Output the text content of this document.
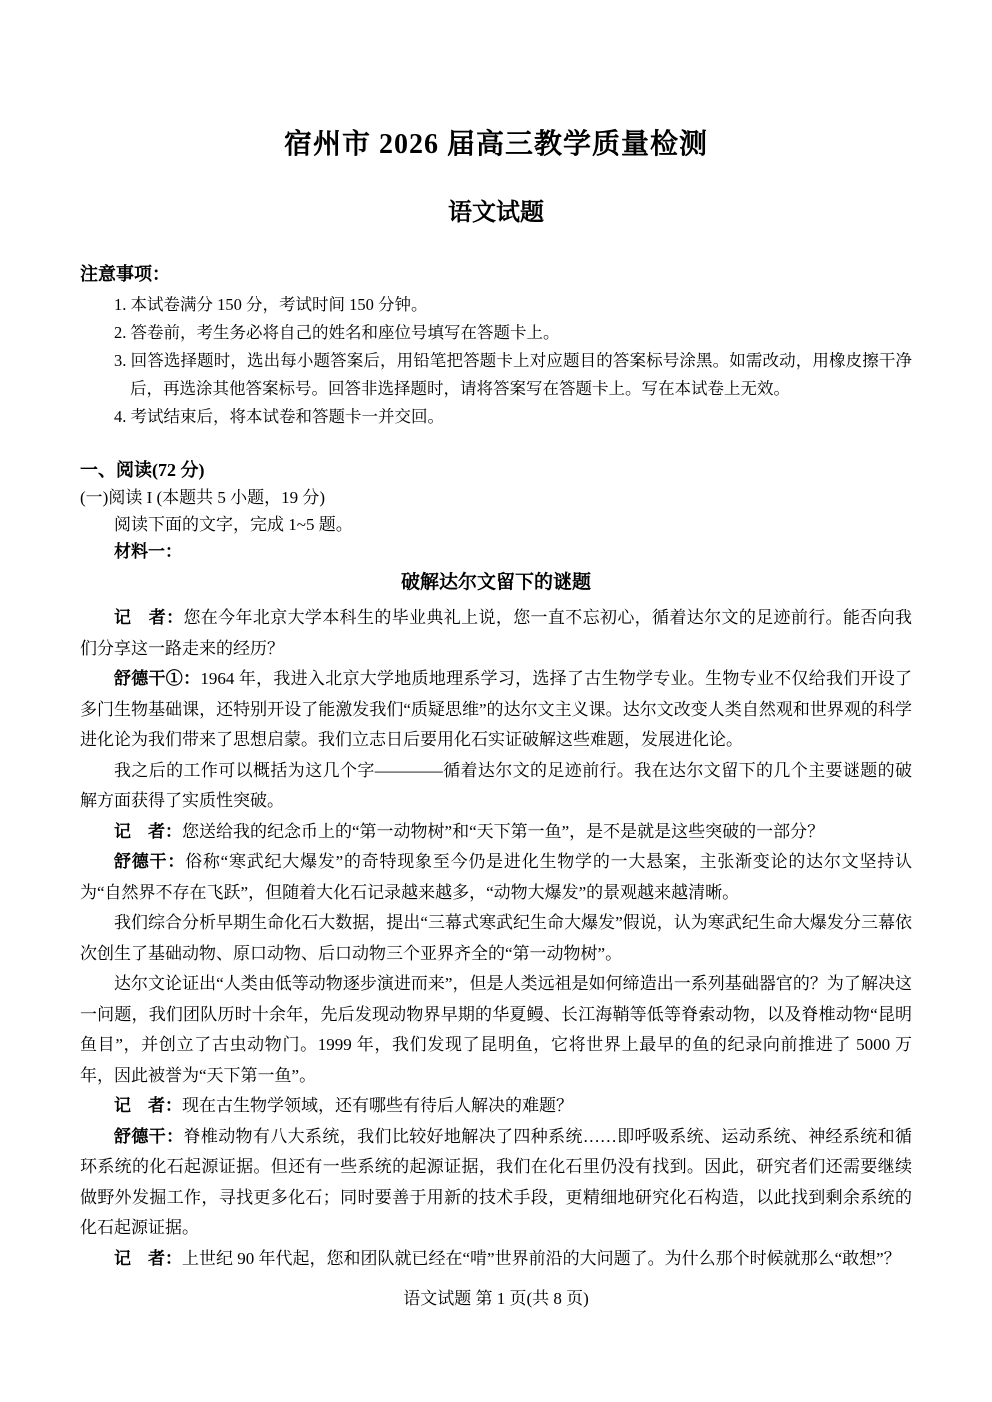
宿州市 2026 届高三教学质量检测
语文试题
注意事项：
1. 本试卷满分 150 分，考试时间 150 分钟。
2. 答卷前，考生务必将自己的姓名和座位号填写在答题卡上。
3. 回答选择题时，选出每小题答案后，用铅笔把答题卡上对应题目的答案标号涂黑。如需改动，用橡皮擦干净后，再选涂其他答案标号。回答非选择题时，请将答案写在答题卡上。写在本试卷上无效。
4. 考试结束后，将本试卷和答题卡一并交回。
一、阅读(72 分)
(一)阅读 I (本题共 5 小题，19 分)
阅读下面的文字，完成 1~5 题。
材料一：
破解达尔文留下的谜题

记　者：您在今年北京大学本科生的毕业典礼上说，您一直不忘初心，循着达尔文的足迹前行。能否向我们分享这一路走来的经历？

舒德干①：1964 年，我进入北京大学地质地理系学习，选择了古生物学专业。生物专业不仅给我们开设了多门生物基础课，还特别开设了能激发我们“质疑思维”的达尔文主义课。达尔文改变人类自然观和世界观的科学进化论为我们带来了思想启蒙。我们立志日后要用化石实证破解这些难题，发展进化论。

我之后的工作可以概括为这几个字————循着达尔文的足迹前行。我在达尔文留下的几个主要谜题的破解方面获得了实质性突破。

记　者：您送给我的纪念币上的“第一动物树”和“天下第一鱼”，是不是就是这些突破的一部分？

舒德干：俗称“寒武纪大爆发”的奇特现象至今仍是进化生物学的一大悬案，主张渐变论的达尔文坚持认为“自然界不存在飞跃”，但随着大化石记录越来越多，“动物大爆发”的景观越来越清晰。

我们综合分析早期生命化石大数据，提出“三幕式寒武纪生命大爆发”假说，认为寒武纪生命大爆发分三幕依次创生了基础动物、原口动物、后口动物三个亚界齐全的“第一动物树”。

达尔文论证出“人类由低等动物逐步演进而来”，但是人类远祖是如何缔造出一系列基础器官的？为了解决这一问题，我们团队历时十余年，先后发现动物界早期的华夏鳗、长江海鞘等低等脊索动物，以及脊椎动物“昆明鱼目”，并创立了古虫动物门。1999 年，我们发现了昆明鱼，它将世界上最早的鱼的纪录向前推进了 5000 万年，因此被誉为“天下第一鱼”。

记　者：现在古生物学领域，还有哪些有待后人解决的难题？

舒德干：脊椎动物有八大系统，我们比较好地解决了四种系统……即呼吸系统、运动系统、神经系统和循环系统的化石起源证据。但还有一些系统的起源证据，我们在化石里仍没有找到。因此，研究者们还需要继续做野外发掘工作，寻找更多化石；同时要善于用新的技术手段，更精细地研究化石构造，以此找到剩余系统的化石起源证据。

记　者：上世纪 90 年代起，您和团队就已经在“啃”世界前沿的大问题了。为什么那个时候就那么“敢想”？

语文试题 第 1 页(共 8 页)
